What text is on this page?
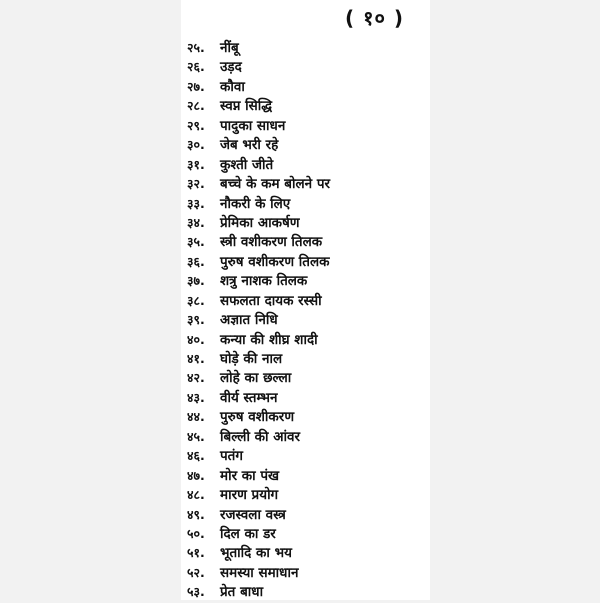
( १० )
२५.	नींबू
२६.	उड़द
२७.	कौवा
२८.	स्वप्न सिद्धि
२९.	पादुका साधन
३०.	जेब भरी रहे
३१.	कुश्ती जीते
३२.	बच्चे के कम बोलने पर
३३.	नौकरी के लिए
३४.	प्रेमिका आकर्षण
३५.	स्त्री वशीकरण तिलक
३६.	पुरुष वशीकरण तिलक
३७.	शत्रु नाशक तिलक
३८.	सफलता दायक रस्सी
३९.	अज्ञात निधि
४०.	कन्या की शीघ्र शादी
४१.	घोड़े की नाल
४२.	लोहे का छल्ला
४३.	वीर्य स्तम्भन
४४.	पुरुष वशीकरण
४५.	बिल्ली की आंवर
४६.	पतंग
४७.	मोर का पंख
४८.	मारण प्रयोग
४९.	रजस्वला वस्त्र
५०.	दिल का डर
५१.	भूतादि का भय
५२.	समस्या समाधान
५३.	प्रेत बाधा
